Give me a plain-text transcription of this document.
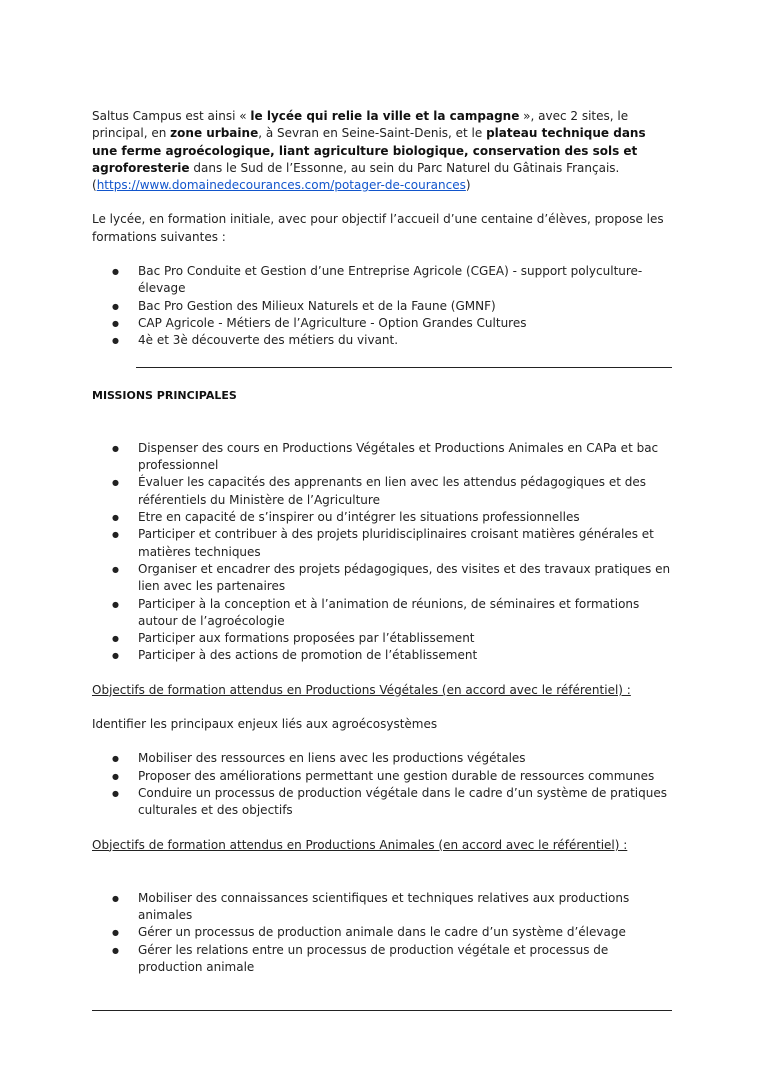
Saltus Campus est ainsi « le lycée qui relie la ville et la campagne », avec 2 sites, le principal, en zone urbaine, à Sevran en Seine-Saint-Denis, et le plateau technique dans une ferme agroécologique, liant agriculture biologique, conservation des sols et agroforesterie dans le Sud de l’Essonne, au sein du Parc Naturel du Gâtinais Français.
(https://www.domainedecourances.com/potager-de-courances)

Le lycée, en formation initiale, avec pour objectif l’accueil d’une centaine d’élèves, propose les formations suivantes :

● Bac Pro Conduite et Gestion d’une Entreprise Agricole (CGEA) - support polyculture-élevage
● Bac Pro Gestion des Milieux Naturels et de la Faune (GMNF)
● CAP Agricole - Métiers de l’Agriculture - Option Grandes Cultures
● 4è et 3è découverte des métiers du vivant.

MISSIONS PRINCIPALES

● Dispenser des cours en Productions Végétales et Productions Animales en CAPa et bac professionnel
● Évaluer les capacités des apprenants en lien avec les attendus pédagogiques et des référentiels du Ministère de l’Agriculture
● Etre en capacité de s’inspirer ou d’intégrer les situations professionnelles
● Participer et contribuer à des projets pluridisciplinaires croisant matières générales et matières techniques
● Organiser et encadrer des projets pédagogiques, des visites et des travaux pratiques en lien avec les partenaires
● Participer à la conception et à l’animation de réunions, de séminaires et formations autour de l’agroécologie
● Participer aux formations proposées par l’établissement
● Participer à des actions de promotion de l’établissement

Objectifs de formation attendus en Productions Végétales (en accord avec le référentiel) :

Identifier les principaux enjeux liés aux agroécosystèmes

● Mobiliser des ressources en liens avec les productions végétales
● Proposer des améliorations permettant une gestion durable de ressources communes
● Conduire un processus de production végétale dans le cadre d’un système de pratiques culturales et des objectifs

Objectifs de formation attendus en Productions Animales (en accord avec le référentiel) :

● Mobiliser des connaissances scientifiques et techniques relatives aux productions animales
● Gérer un processus de production animale dans le cadre d’un système d’élevage
● Gérer les relations entre un processus de production végétale et processus de production animale
